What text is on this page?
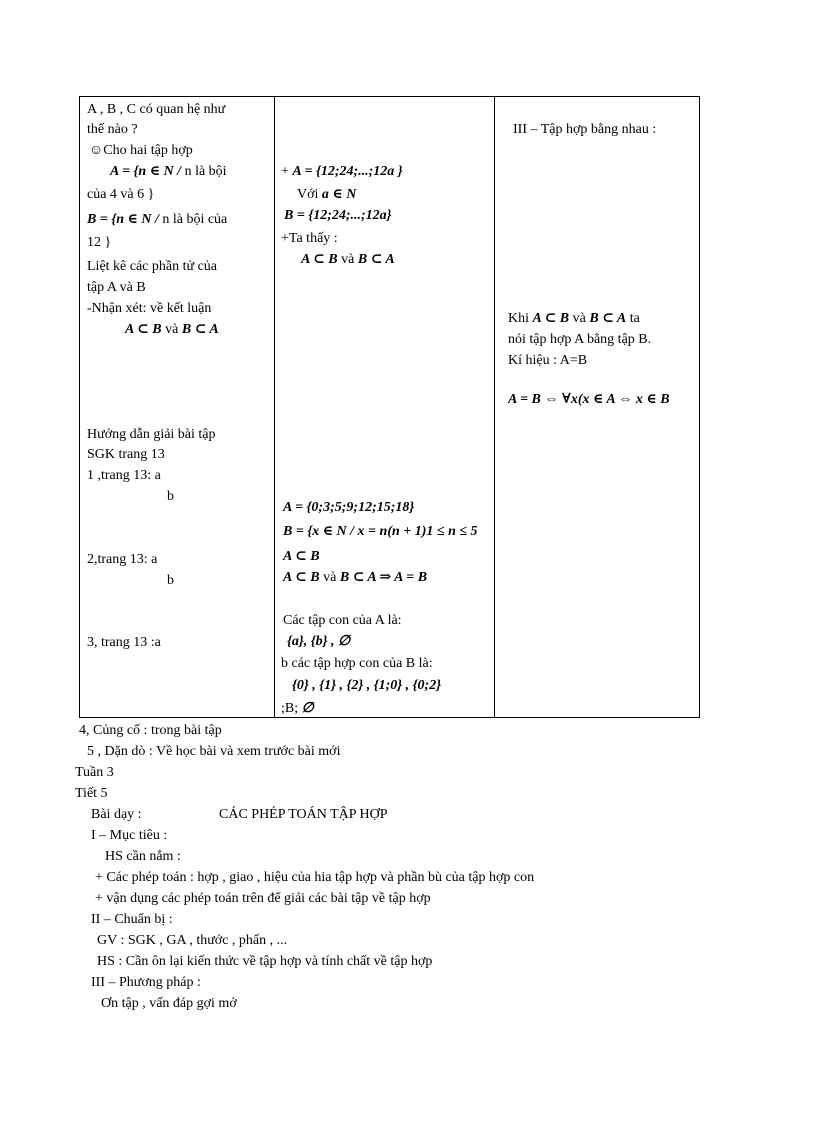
A , B , C có quan hệ như
thế nào ?
☺Cho hai tập hợp
A = {n ∈ N / n là bội
của 4 và 6 }
B = {n ∈ N / n là bội của
12 }
Liệt kê các phần tử của
tập A và B
-Nhận xét: về kết luận
A ⊂ B và B ⊂ A
Hướng dẫn giải bài tập
SGK trang 13
1 ,trang 13: a
b
2,trang 13: a
b
3, trang 13 :a
+ A = {12;24;...;12a }
Với a ∈ N
B = {12;24;...;12a}
+Ta thấy :
A ⊂ B và B ⊂ A
A = {0;3;5;9;12;15;18}
B = {x ∈ N / x = n(n + 1)1 ≤ n ≤ 5
A ⊂ B
A ⊂ B và B ⊂ A ⇒ A = B
Các tập con của A là:
{a}, {b} , ∅
b các tập hợp con của B là:
{0} , {1} , {2} , {1;0} , {0;2}
;B; ∅
III – Tập hợp bằng nhau :
Khi A ⊂ B và B ⊂ A ta
nói tập hợp A bằng tập B.
Kí hiệu : A=B
A = B ⇔ ∀x(x ∈ A ⇔ x ∈ B
4, Củng cố : trong bài tập
5 , Dặn dò : Về học bài và xem trước bài mới
Tuần 3
Tiết 5
Bài dạy :	CÁC PHÉP TOÁN TẬP HỢP
I – Mục tiêu :
HS cần nắm :
+ Các phép toán : hợp , giao , hiệu của hia tập hợp và phần bù của tập hợp con
+ vận dụng các phép toán trên để giải các bài tập về tập hợp
II – Chuẩn bị :
GV : SGK , GA , thước , phấn , ...
HS : Cần ôn lại kiến thức về tập hợp và tính chất về tập hợp
III – Phương pháp :
Ơn tập , vấn đáp gợi mở
